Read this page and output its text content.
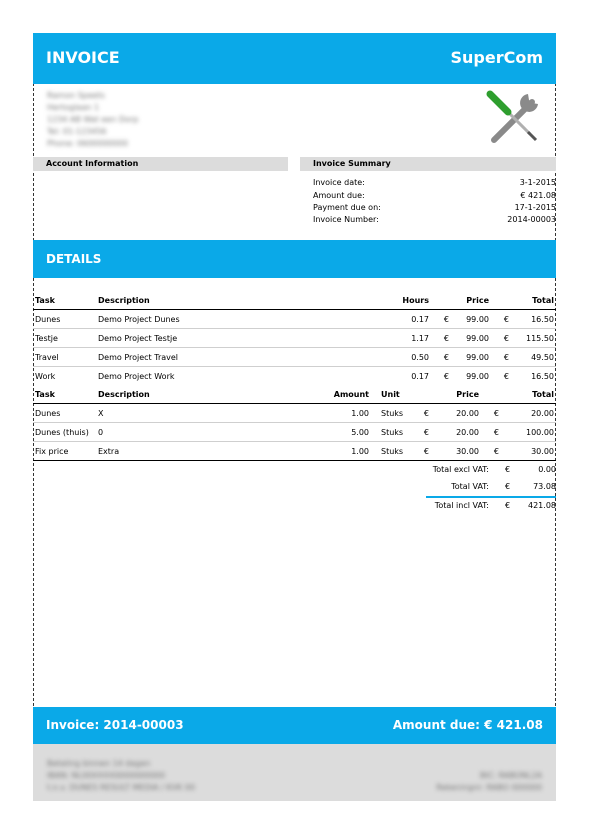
INVOICE	SuperCom
Ramon Speets
Hertoglaan 1
1234 AB Wat een Dorp
Tel: 01-123456
Phone: 0600000000
Account Information	Invoice Summary
Invoice date:	3-1-2015
Amount due:	€ 421.08
Payment due on:	17-1-2015
Invoice Number:	2014-00003
DETAILS
Task	Description	Hours		Price		Total
Dunes	Demo Project Dunes	0.17	€	99.00	€	16.50
Testje	Demo Project Testje	1.17	€	99.00	€	115.50
Travel	Demo Project Travel	0.50	€	99.00	€	49.50
Work	Demo Project Work	0.17	€	99.00	€	16.50
Task	Description	Amount	Unit		Price		Total
Dunes	X	1.00	Stuks	€	20.00	€	20.00
Dunes (thuis)	0	5.00	Stuks	€	20.00	€	100.00
Fix price	Extra	1.00	Stuks	€	30.00	€	30.00
Total excl VAT: €	0.00
Total VAT: €	73.08
Total incl VAT: € 421.08
Invoice: 2014-00003	Amount due: € 421.08
Betaling binnen 14 dagen
IBAN: NL00XXXX0000000000
t.n.v. DUNES RESULT MEDIA / KVK 00
BIC: RABONL2A
Rekeningnr: RABO 000000
